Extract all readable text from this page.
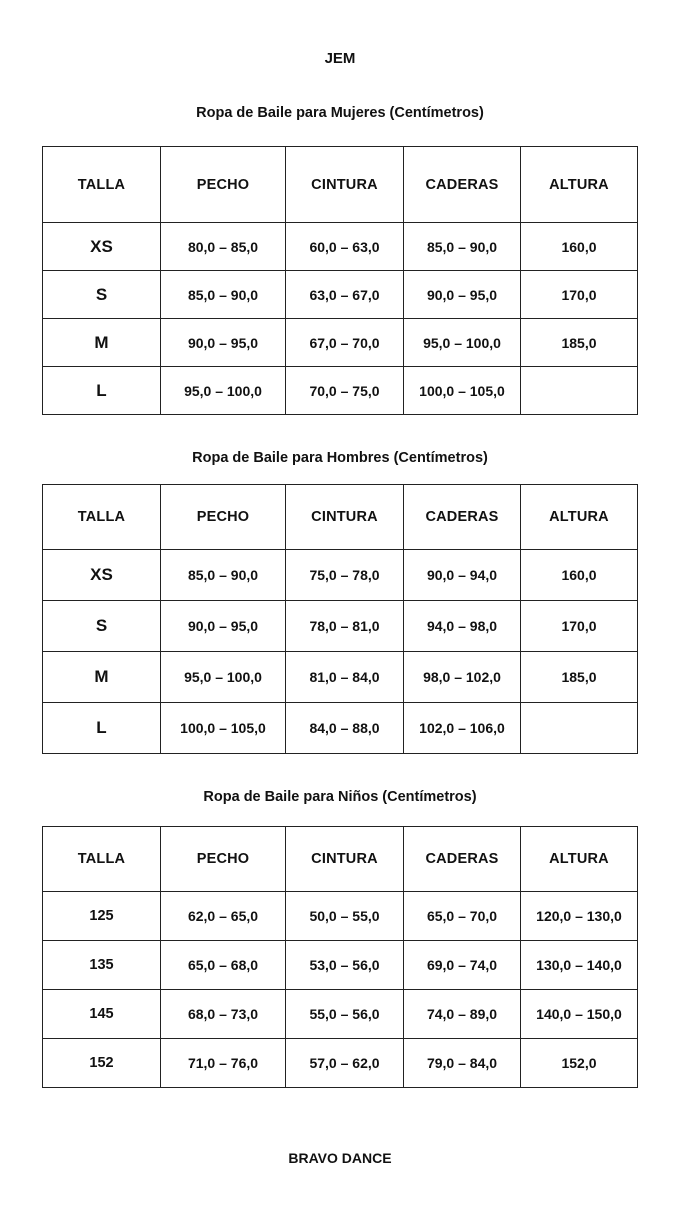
JEM
Ropa de Baile para Mujeres (Centímetros)
TALLA	PECHO	CINTURA	CADERAS	ALTURA
XS	80,0 – 85,0	60,0 – 63,0	85,0 – 90,0	160,0
S	85,0 – 90,0	63,0 – 67,0	90,0 – 95,0	170,0
M	90,0 – 95,0	67,0 – 70,0	95,0 – 100,0	185,0
L	95,0 – 100,0	70,0 – 75,0	100,0 – 105,0	
Ropa de Baile para Hombres (Centímetros)
TALLA	PECHO	CINTURA	CADERAS	ALTURA
XS	85,0 – 90,0	75,0 – 78,0	90,0 – 94,0	160,0
S	90,0 – 95,0	78,0 – 81,0	94,0 – 98,0	170,0
M	95,0 – 100,0	81,0 – 84,0	98,0 – 102,0	185,0
L	100,0 – 105,0	84,0 – 88,0	102,0 – 106,0	
Ropa de Baile para Niños (Centímetros)
TALLA	PECHO	CINTURA	CADERAS	ALTURA
125	62,0 – 65,0	50,0 – 55,0	65,0 – 70,0	120,0 – 130,0
135	65,0 – 68,0	53,0 – 56,0	69,0 – 74,0	130,0 – 140,0
145	68,0 – 73,0	55,0 – 56,0	74,0 – 89,0	140,0 – 150,0
152	71,0 – 76,0	57,0 – 62,0	79,0 – 84,0	152,0
BRAVO DANCE
